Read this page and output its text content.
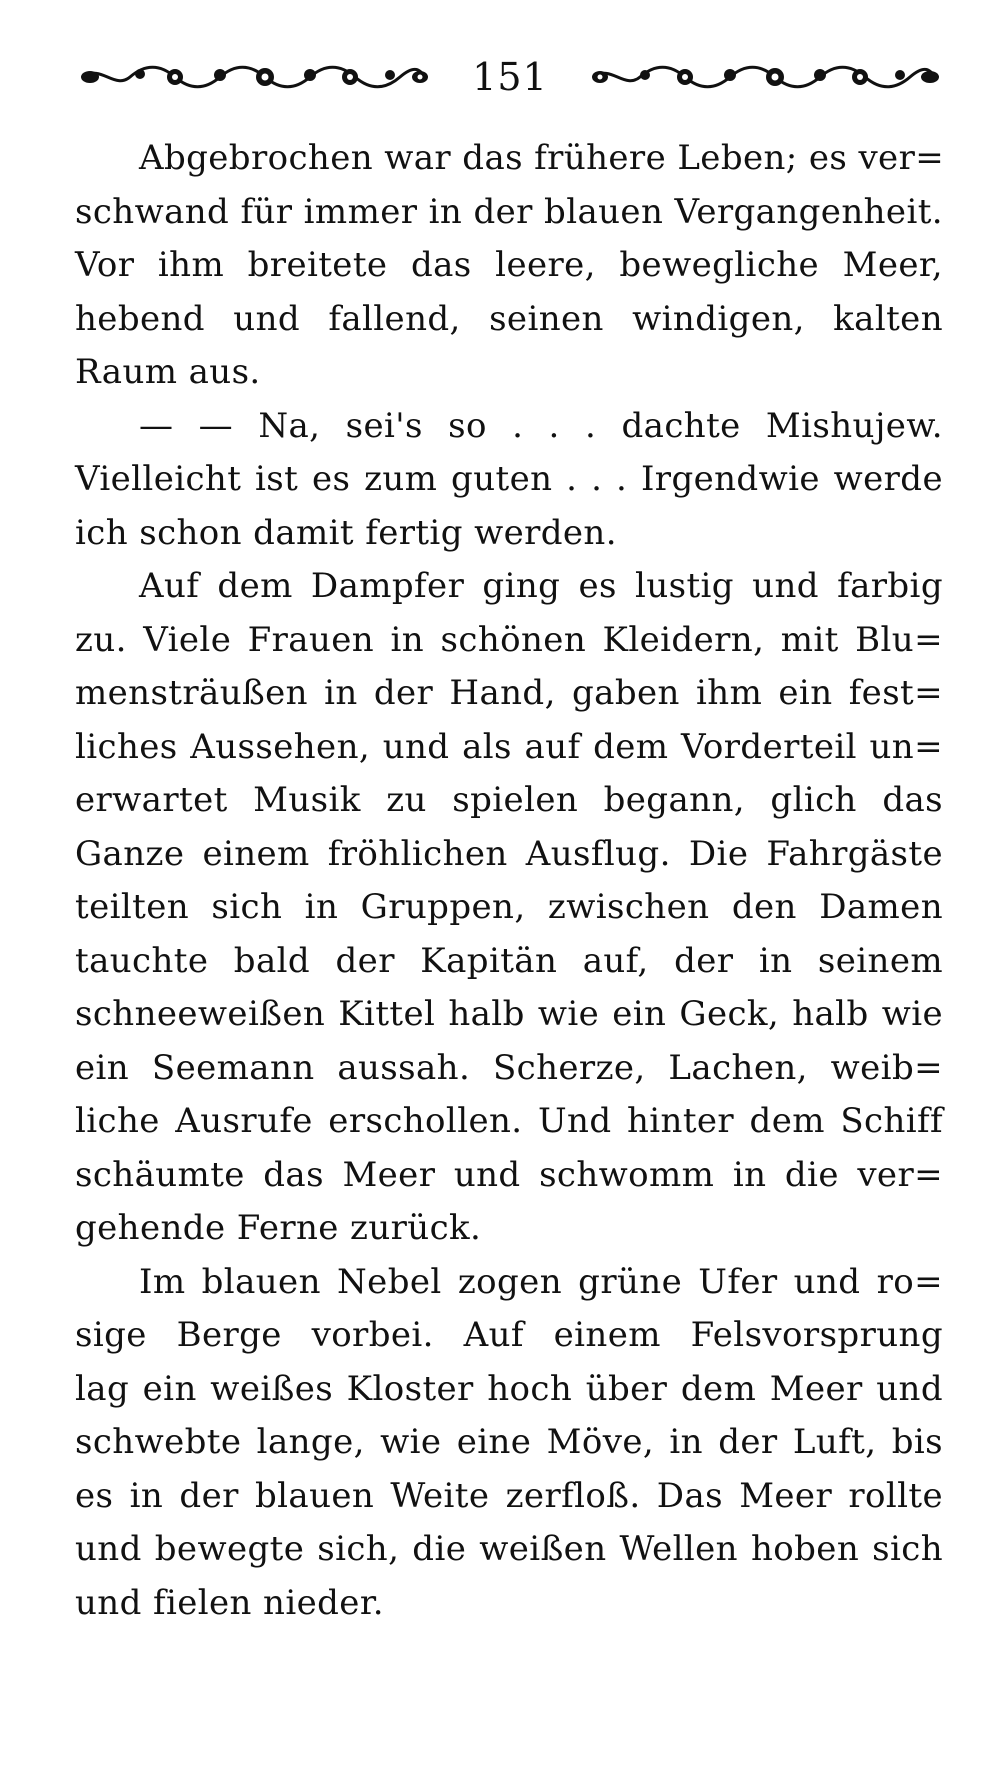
151
Abgebrochen war das frühere Leben; es ver=
schwand für immer in der blauen Vergangenheit.
Vor ihm breitete das leere, bewegliche Meer,
hebend und fallend, seinen windigen, kalten
Raum aus.
— — Na, sei's so . . . dachte Mishujew.
Vielleicht ist es zum guten . . . Irgendwie werde
ich schon damit fertig werden.
Auf dem Dampfer ging es lustig und farbig
zu. Viele Frauen in schönen Kleidern, mit Blu=
mensträußen in der Hand, gaben ihm ein fest=
liches Aussehen, und als auf dem Vorderteil un=
erwartet Musik zu spielen begann, glich das
Ganze einem fröhlichen Ausflug. Die Fahrgäste
teilten sich in Gruppen, zwischen den Damen
tauchte bald der Kapitän auf, der in seinem
schneeweißen Kittel halb wie ein Geck, halb wie
ein Seemann aussah. Scherze, Lachen, weib=
liche Ausrufe erschollen. Und hinter dem Schiff
schäumte das Meer und schwomm in die ver=
gehende Ferne zurück.
Im blauen Nebel zogen grüne Ufer und ro=
sige Berge vorbei. Auf einem Felsvorsprung
lag ein weißes Kloster hoch über dem Meer und
schwebte lange, wie eine Möve, in der Luft, bis
es in der blauen Weite zerfloß. Das Meer rollte
und bewegte sich, die weißen Wellen hoben sich
und fielen nieder.
